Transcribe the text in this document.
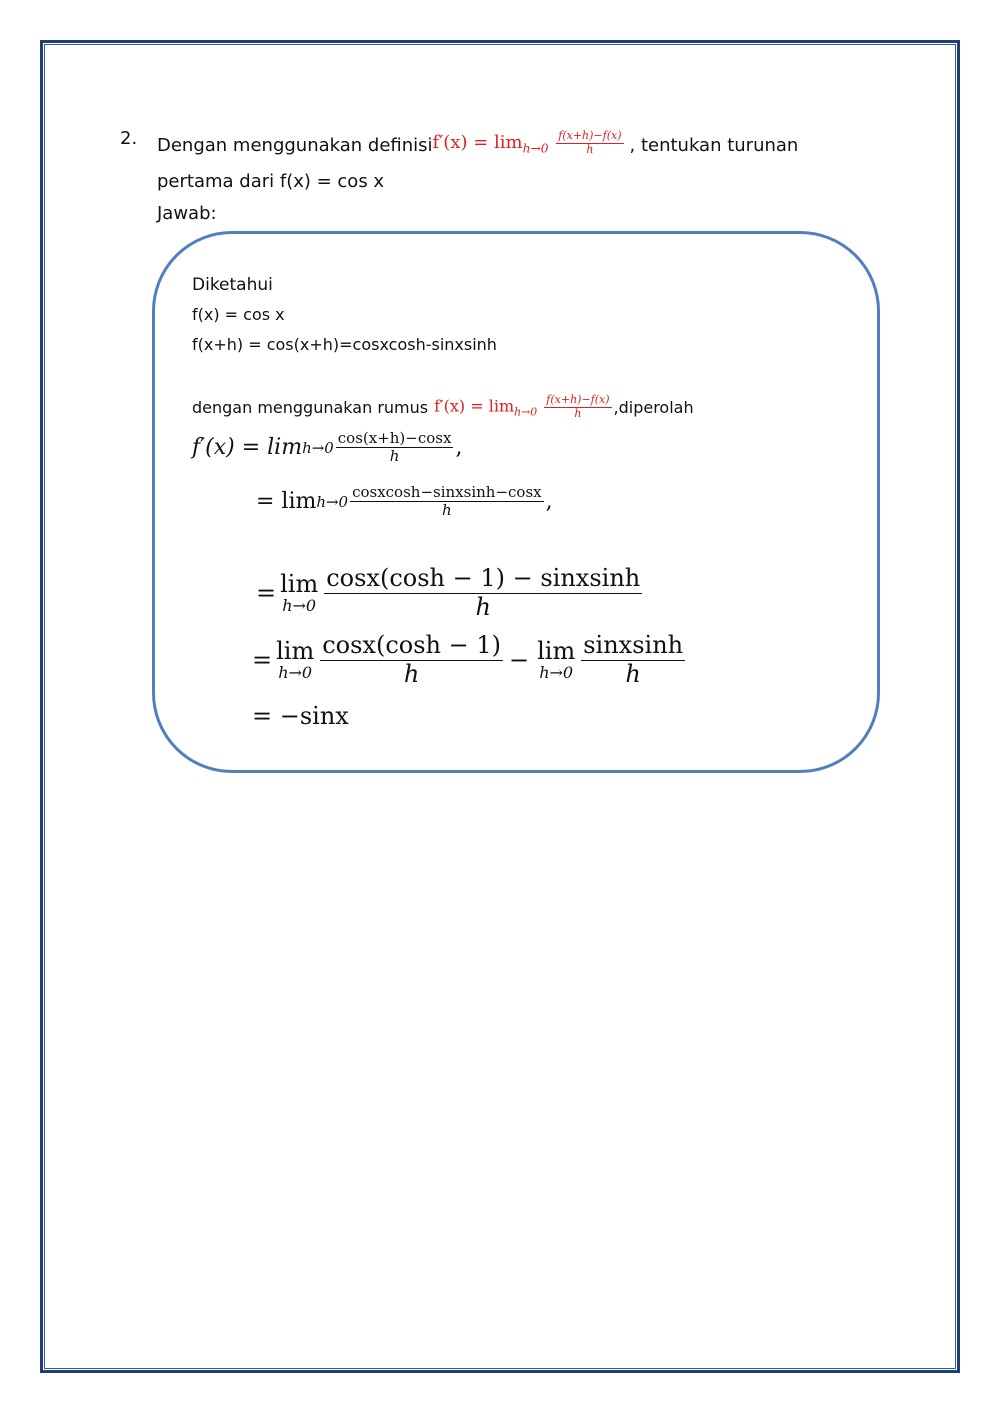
2. Dengan menggunakan definisi $f'(x) = \lim_{h\to 0} \frac{f(x+h)-f(x)}{h}$ , tentukan turunan
pertama dari f(x) = cos x
Jawab:
Diketahui
f(x) = cos x
f(x+h) = cos(x+h)=cosxcosh-sinxsinh
dengan menggunakan rumus $f'(x) = \lim_{h\to 0} \frac{f(x+h)-f(x)}{h}$ ,diperolah
$f'(x) = \lim h\to 0 \frac{\cos(x+h)-\cos x}{h}$ ,
= $\lim h\to 0 \frac{\text{cosxcosh−sinxsinh−cosx}}{h}$ ,
= lim
$h\to 0 \frac{\text{cosx(cosh − 1) − sinxsinh}}{h}$
= lim
$h\to 0 \frac{\cos x(\cosh - 1)}{h} - \lim$
$h\to 0 \frac{\text{sinxsinh}}{h}$
= −sinx
